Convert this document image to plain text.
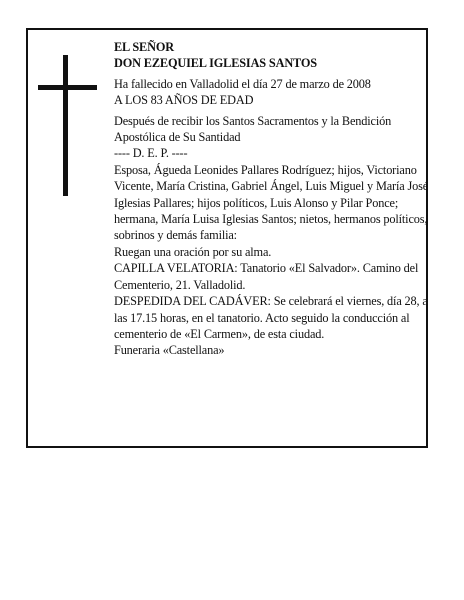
EL SEÑOR

DON EZEQUIEL IGLESIAS SANTOS

Ha fallecido en Valladolid el día 27 de marzo de 2008

A LOS 83 AÑOS DE EDAD

Después de recibir los Santos Sacramentos y la Bendición Apostólica de Su Santidad

---- D. E. P. ----

Esposa, Águeda Leonides Pallares Rodríguez; hijos, Victoriano Vicente, María Cristina, Gabriel Ángel, Luis Miguel y María José Iglesias Pallares; hijos políticos, Luis Alonso y Pilar Ponce; hermana, María Luisa Iglesias Santos; nietos, hermanos políticos, sobrinos y demás familia:

Ruegan una oración por su alma.

CAPILLA VELATORIA: Tanatorio «El Salvador». Camino del Cementerio, 21. Valladolid.

DESPEDIDA DEL CADÁVER: Se celebrará el viernes, día 28, a las 17.15 horas, en el tanatorio. Acto seguido la conducción al cementerio de «El Carmen», de esta ciudad.

Funeraria «Castellana»
